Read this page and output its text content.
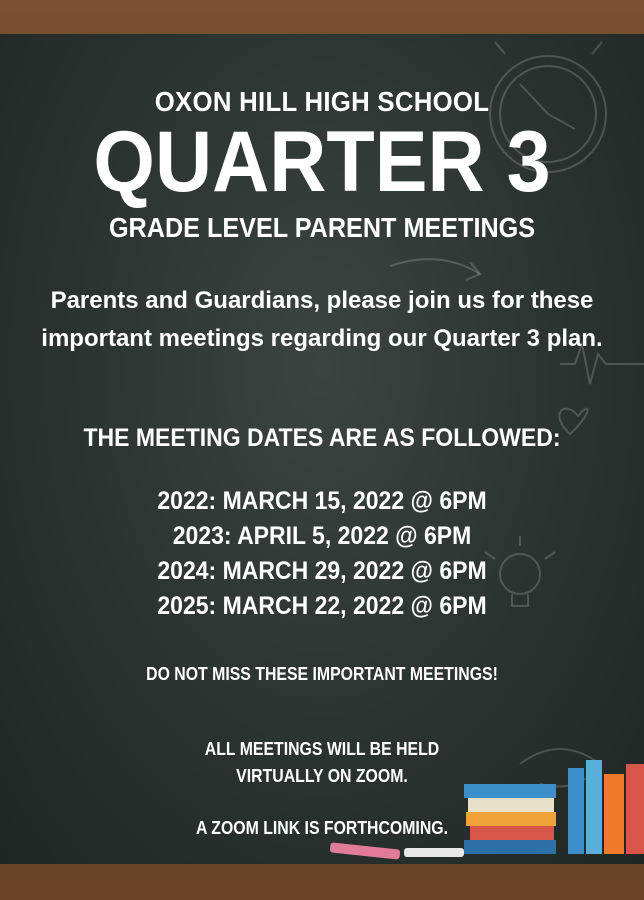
OXON HILL HIGH SCHOOL
QUARTER 3
GRADE LEVEL PARENT MEETINGS
Parents and Guardians, please join us for these important meetings regarding our Quarter 3 plan.
THE MEETING DATES ARE AS FOLLOWED:
2022: MARCH 15, 2022 @ 6PM
2023: APRIL 5, 2022 @ 6PM
2024: MARCH 29, 2022 @ 6PM
2025: MARCH 22, 2022 @ 6PM
DO NOT MISS THESE IMPORTANT MEETINGS!
ALL MEETINGS WILL BE HELD
VIRTUALLY ON ZOOM.
A ZOOM LINK IS FORTHCOMING.
